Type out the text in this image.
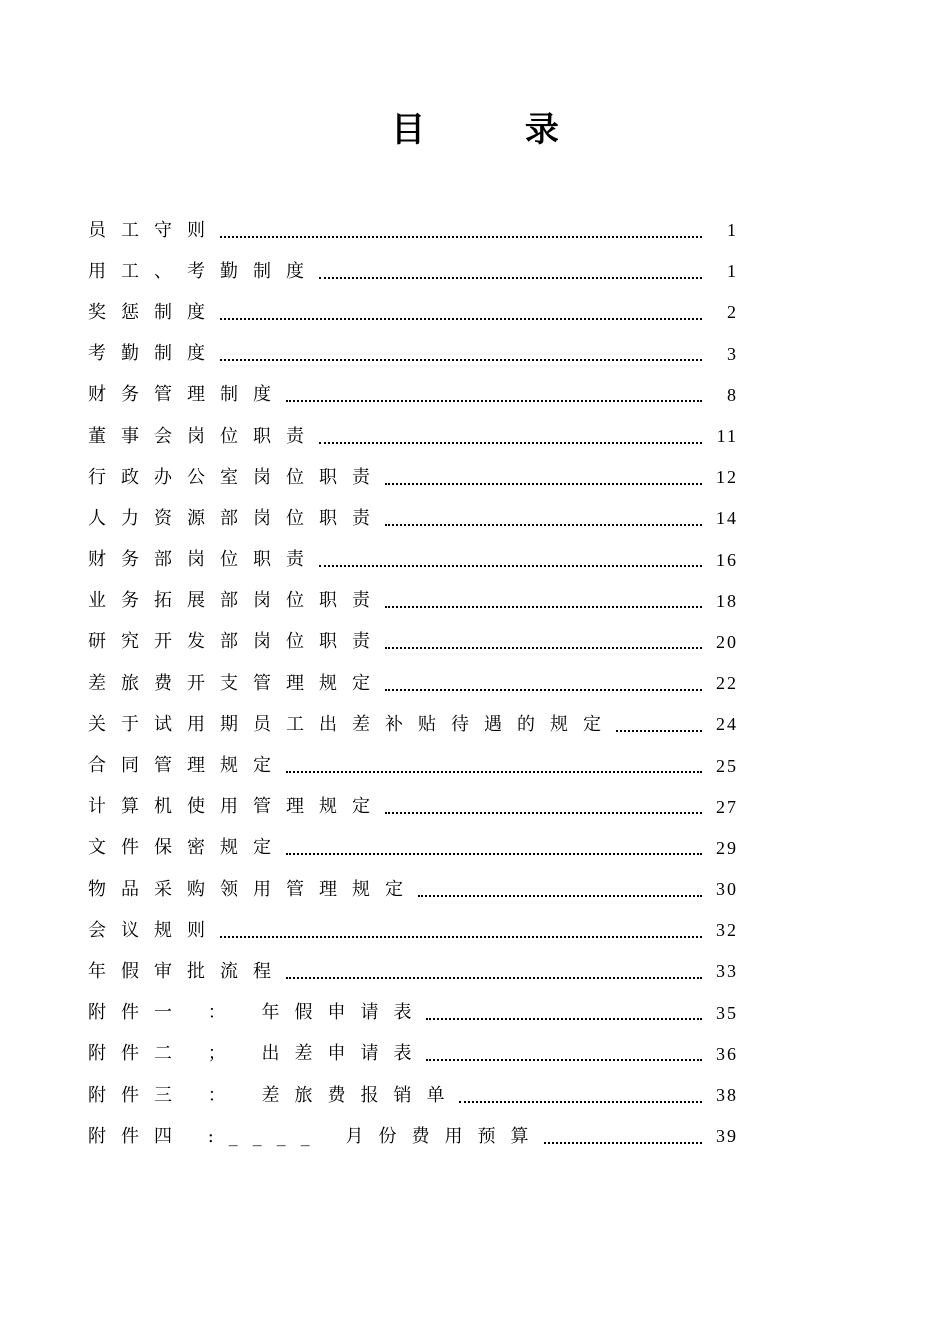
目 录
员工守则	1
用工、考勤制度	1
奖惩制度	2
考勤制度	3
财务管理制度	8
董事会岗位职责	11
行政办公室岗位职责	12
人力资源部岗位职责	14
财务部岗位职责	16
业务拓展部岗位职责	18
研究开发部岗位职责	20
差旅费开支管理规定	22
关于试用期员工出差补贴待遇的规定	24
合同管理规定	25
计算机使用管理规定	27
文件保密规定	29
物品采购领用管理规定	30
会议规则	32
年假审批流程	33
附件一 ： 年假申请表	35
附件二 ； 出差申请表	36
附件三 ： 差旅费报销单	38
附件四 :____ 月份费用预算	39
